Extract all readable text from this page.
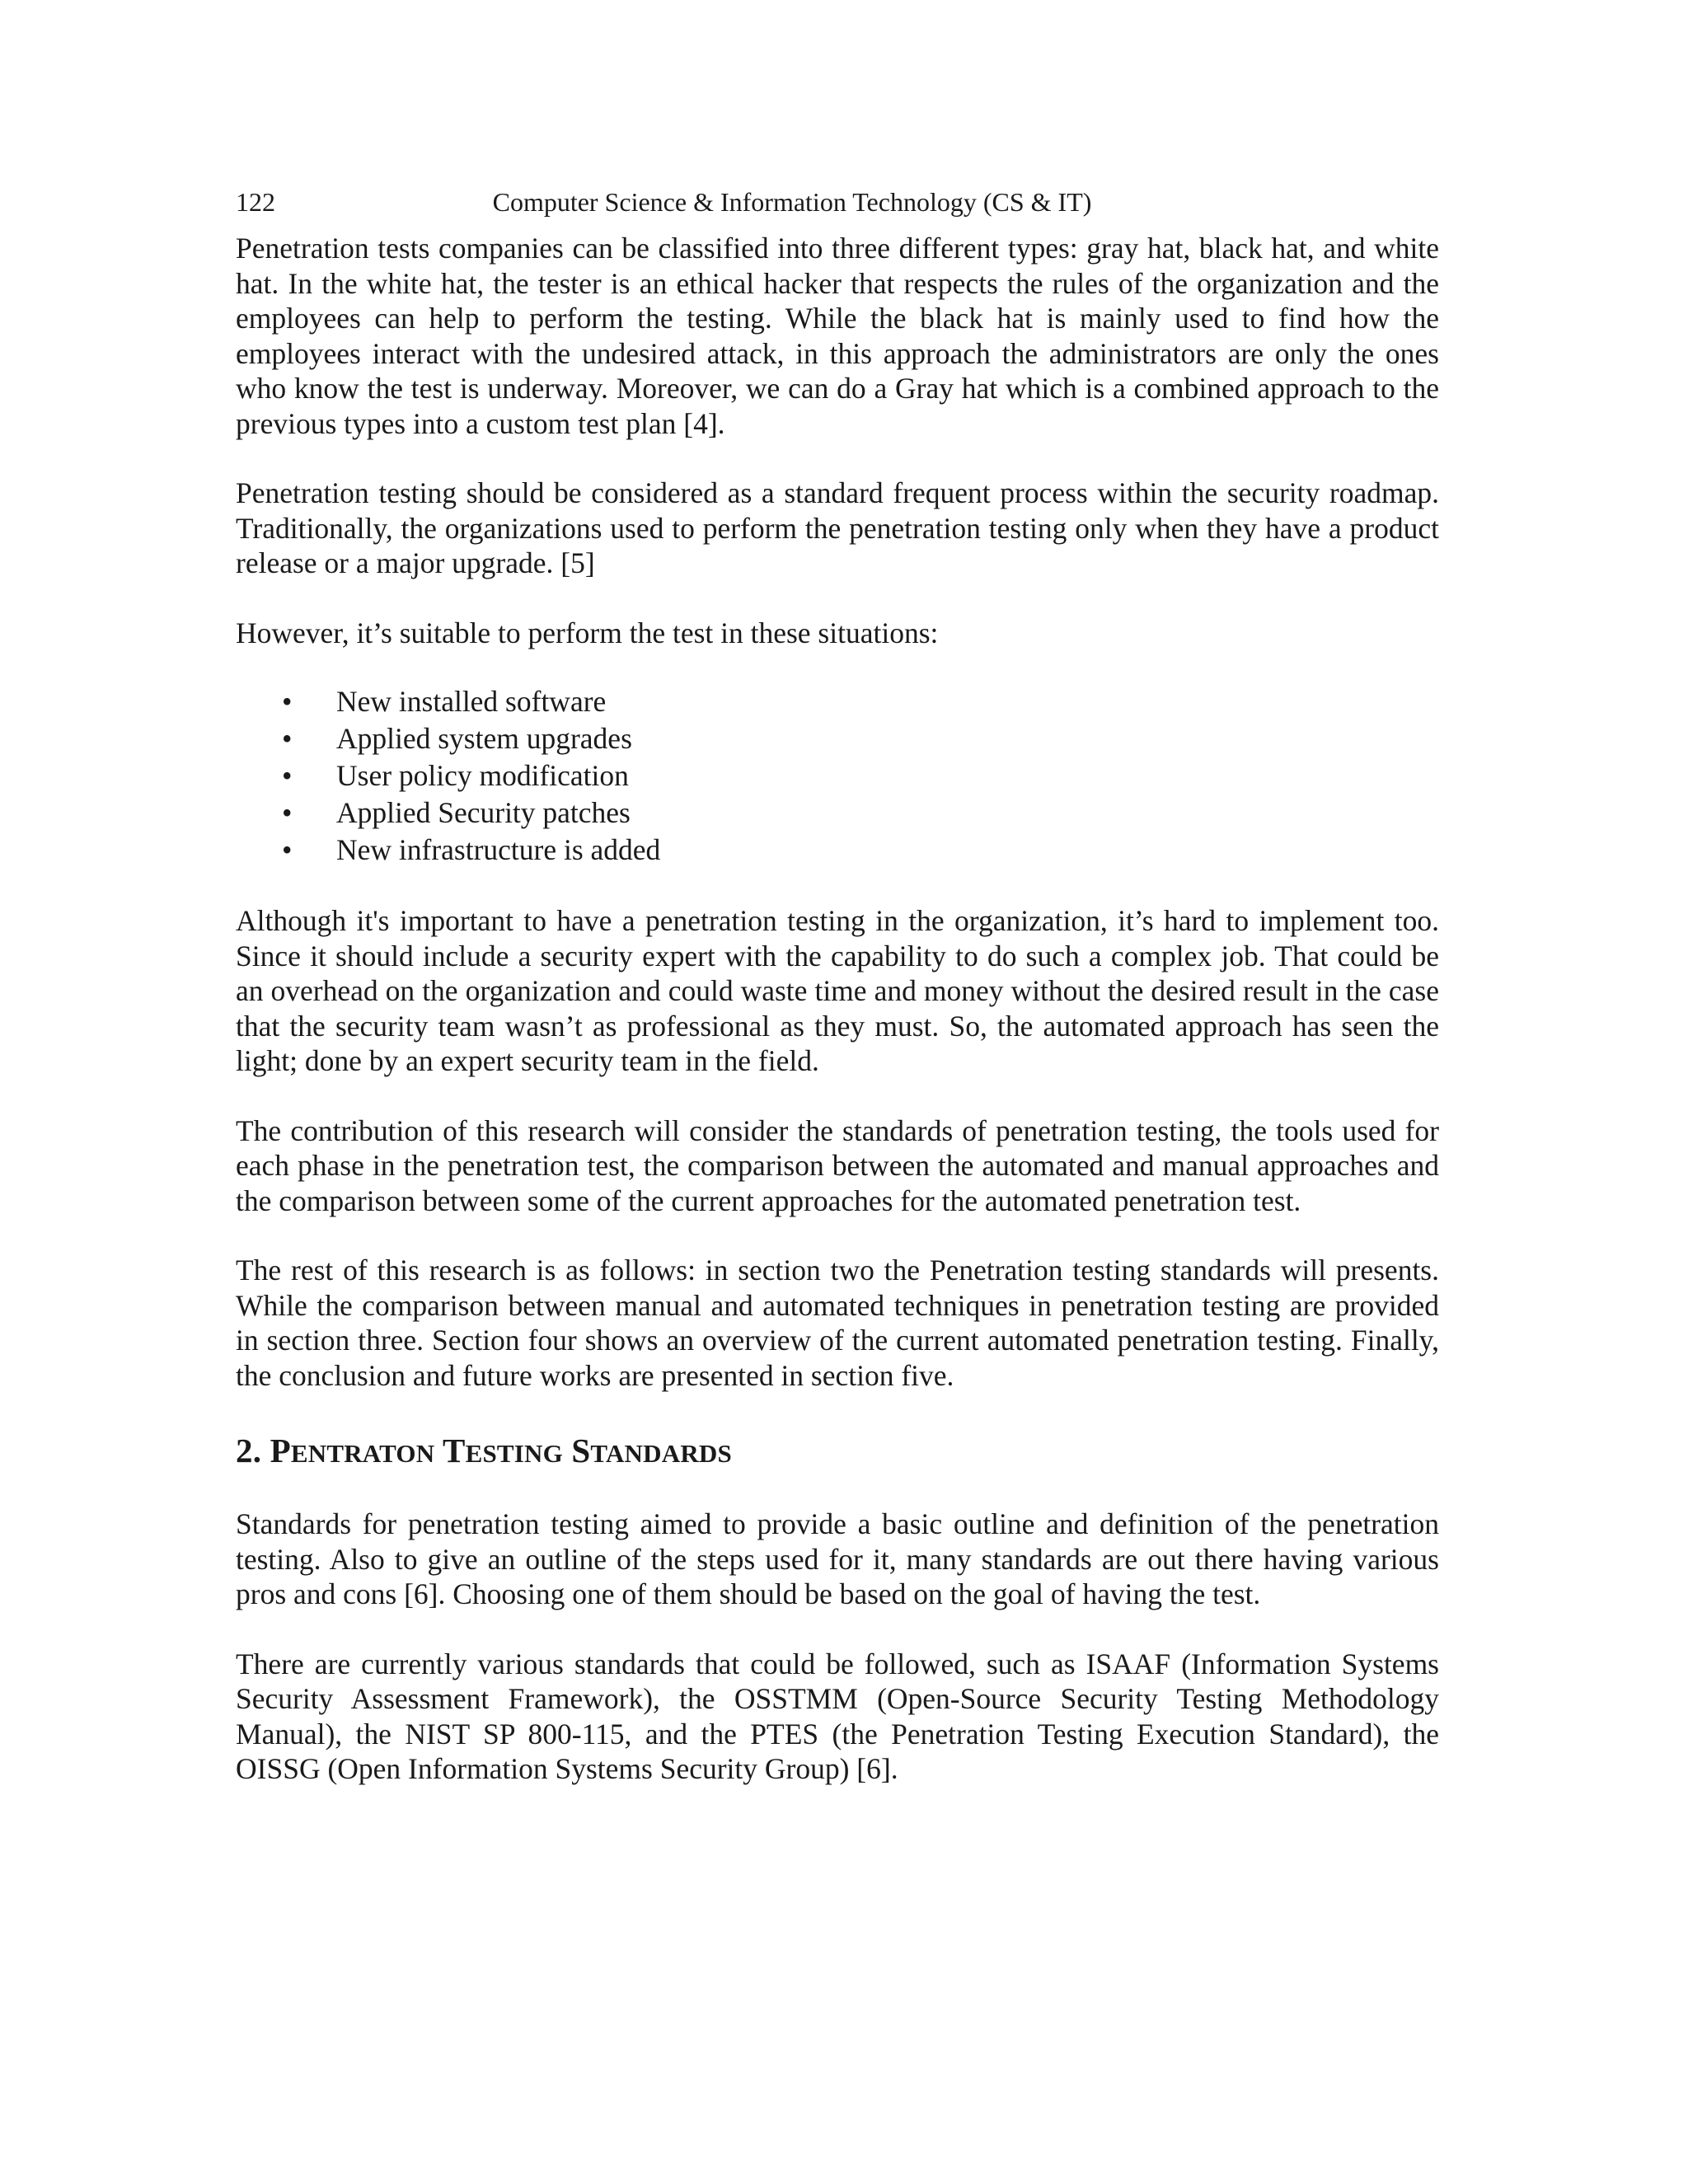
122	Computer Science & Information Technology (CS & IT)

Penetration tests companies can be classified into three different types: gray hat, black hat, and white hat. In the white hat, the tester is an ethical hacker that respects the rules of the organization and the employees can help to perform the testing. While the black hat is mainly used to find how the employees interact with the undesired attack, in this approach the administrators are only the ones who know the test is underway. Moreover, we can do a Gray hat which is a combined approach to the previous types into a custom test plan [4].

Penetration testing should be considered as a standard frequent process within the security roadmap. Traditionally, the organizations used to perform the penetration testing only when they have a product release or a major upgrade. [5]

However, it’s suitable to perform the test in these situations:

• New installed software
• Applied system upgrades
• User policy modification
• Applied Security patches
• New infrastructure is added

Although it's important to have a penetration testing in the organization, it’s hard to implement too. Since it should include a security expert with the capability to do such a complex job. That could be an overhead on the organization and could waste time and money without the desired result in the case that the security team wasn’t as professional as they must. So, the automated approach has seen the light; done by an expert security team in the field.

The contribution of this research will consider the standards of penetration testing, the tools used for each phase in the penetration test, the comparison between the automated and manual approaches and the comparison between some of the current approaches for the automated penetration test.

The rest of this research is as follows: in section two the Penetration testing standards will presents. While the comparison between manual and automated techniques in penetration testing are provided in section three. Section four shows an overview of the current automated penetration testing. Finally, the conclusion and future works are presented in section five.

2. PENTRATON TESTING STANDARDS

Standards for penetration testing aimed to provide a basic outline and definition of the penetration testing. Also to give an outline of the steps used for it, many standards are out there having various pros and cons [6]. Choosing one of them should be based on the goal of having the test.

There are currently various standards that could be followed, such as ISAAF (Information Systems Security Assessment Framework), the OSSTMM (Open-Source Security Testing Methodology Manual), the NIST SP 800-115, and the PTES (the Penetration Testing Execution Standard), the OISSG (Open Information Systems Security Group) [6].
